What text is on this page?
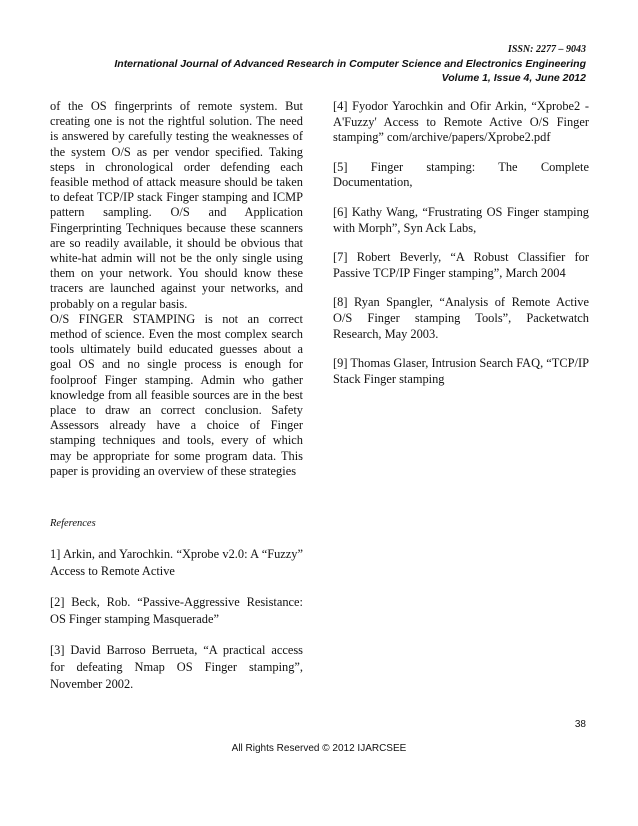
ISSN: 2277 – 9043
International Journal of Advanced Research in Computer Science and Electronics Engineering
Volume 1, Issue 4, June 2012

of the OS fingerprints of remote system. But creating one is not the rightful solution. The need is answered by carefully testing the weaknesses of the system O/S as per vendor specified. Taking steps in chronological order defending each feasible method of attack measure should be taken to defeat TCP/IP stack Finger stamping and ICMP pattern sampling. O/S and Application Fingerprinting Techniques because these scanners are so readily available, it should be obvious that white-hat admin will not be the only single using them on your network. You should know these tracers are launched against your networks, and probably on a regular basis.

O/S FINGER STAMPING is not an correct method of science. Even the most complex search tools ultimately build educated guesses about a goal OS and no single process is enough for foolproof Finger stamping. Admin who gather knowledge from all feasible sources are in the best place to draw an correct conclusion. Safety Assessors already have a choice of Finger stamping techniques and tools, every of which may be appropriate for some program data. This paper is providing an overview of these strategies

References

1] Arkin, and Yarochkin. “Xprobe v2.0: A “Fuzzy” Access to Remote Active

[2] Beck, Rob. “Passive-Aggressive Resistance: OS Finger stamping Masquerade”

[3] David Barroso Berrueta, “A practical access for defeating Nmap OS Finger stamping”, November 2002.

[4] Fyodor Yarochkin and Ofir Arkin, “Xprobe2 - A'Fuzzy' Access to Remote Active O/S Finger stamping” com/archive/papers/Xprobe2.pdf

[5] Finger stamping: The Complete Documentation,

[6] Kathy Wang, “Frustrating OS Finger stamping with Morph”, Syn Ack Labs,

[7] Robert Beverly, “A Robust Classifier for Passive TCP/IP Finger stamping”, March 2004

[8] Ryan Spangler, “Analysis of Remote Active O/S Finger stamping Tools”, Packetwatch Research, May 2003.

[9] Thomas Glaser, Intrusion Search FAQ, “TCP/IP Stack Finger stamping

38
All Rights Reserved © 2012 IJARCSEE
